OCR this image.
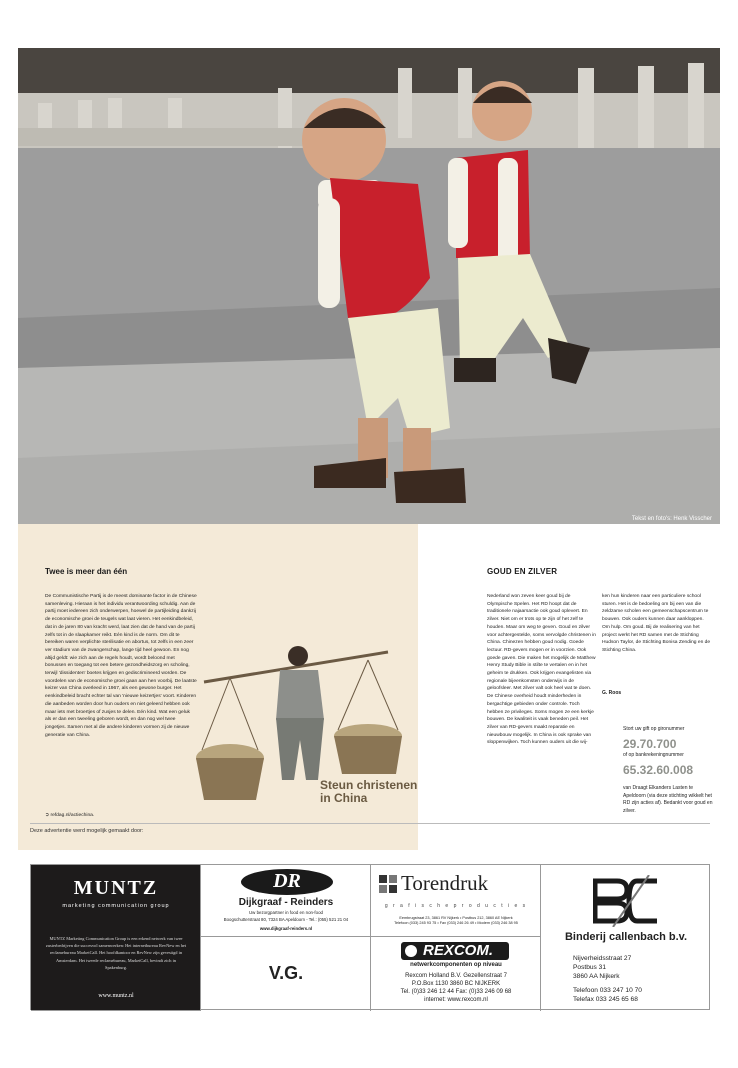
Tekst en foto's: Henk Visscher
Twee is meer dan één
De Communistische Partij is de meest dominante factor in de Chinese samenleving. Hieraan is het individu verantwoording schuldig. Aan de partij moet iedereen zich onderwerpen, hoewel de partijleiding dankzij de economische groei de teugels wat laat vieren. Het eenkindbeleid, dat in de jaren 80 van kracht werd, laat zien dat de hand van de partij zelfs tot in de slaapkamer reikt. Eén kind is de norm. Om dit te bereiken waren verplichte sterilisatie en abortus, tot zelfs in een zeer ver stadium van de zwangerschap, lange tijd heel gewoon. En nog altijd geldt: wie zich aan de regels houdt, wordt beloond met bonussen en toegang tot een betere gezondheidszorg en scholing, terwijl 'dissidenten' boetes krijgen en gediscrimineerd worden. De voordelen van de economische groei gaan aan hen voorbij. De laatste keizer van China overleed in 1967, als een gewone burger. Het eenkindbeleid bracht echter tal van 'nieuwe keizertjes' voort. Kinderen die aanbeden worden door hun ouders en niet geleerd hebben ook maar iets met broertjes of zusjes te delen. Eén kind. Wat een geluk als er dan een tweeling geboren wordt, en dan nog wel twee jongetjes. Samen met al die andere kinderen vormen zij de nieuwe generatie van China.
➲ refdag.nl/actiechina.
Steun christenen in China
GOUD EN ZILVER
Nederland won zeven keer goud bij de Olympische Spelen. Het RD hoopt dat de traditionele najaarsactie ook goud oplevert. En zilver. Niet om er trots op te zijn of het zelf te houden. Maar om weg te geven. Goud en zilver voor achtergestelde, soms vervolgde christenen in China. Chinezen hebben goud nodig. Goede lectuur. RD-gevers mogen er in voorzien. Ook goede gaven. Die maken het mogelijk de Matthew Henry Study Bible in stilte te vertalen en in het geheim te drukken. Ook krijgen evangelisten via regionale bijeenkomsten onderwijs in de geloofsleer. Met zilver valt ook heel wat te doen. De Chinese overheid houdt minderheden in bergachtige gebieden onder controle. Toch hebben ze privileges. Soms mogen ze een kerkje bouwen. De kwaliteit is vaak beneden peil. Het zilver van RD-gevers maakt reparatie en nieuwbouw mogelijk. In China is ook sprake van sloppenwijken. Toch kunnen ouders uit die wij-
ken hun kinderen naar een particuliere school sturen. Het is de bedoeling om bij een van die zeldzame scholen een gemeenschapscentrum te bouwen. Ook ouders kunnen daar aankloppen. Om hulp. Om goud. Bij de realisering van het project werkt het RD samen met de Stichting Hudson Taylor, de Stichting Bonisa Zending en de Stichting China.
G. Roos
Stort uw gift op gironummer
29.70.700
of op bankrekeningnummer
65.32.60.008
van Draagt Elkanders Lasten te Apeldoorn (via deze stichting wikkelt het RD zijn acties af). Bedankt voor goud en zilver.
Deze advertentie werd mogelijk gemaakt door:
MUNTZ
marketing communication group
MUNTZ Marketing Communication Group is een erkend netwerk van twee zusterbedrijven die succesvol samenwerken: Het internetbureau RevNew en het reclamebureau MarketCall. Het hoofdkantoor en RevNew zijn gevestigd in Amsterdam. Het tweede reclamebureau, MarketCall, bevindt zich in Spakenburg.
www.muntz.nl
DR
Dijkgraaf - Reinders
Uw bezorgpartner in food en non-food
Boogschutterstraat 80, 7324 BA Apeldoorn - Tel.: (055) 521 21 04
www.dijkgraaf-reinders.nl
V.G.
Torendruk
g r a f i s c h e p r o d u c t i e s
Eembrugstraat 23, 3861 RV Nijkerk • Postbus 212, 3860 AE Nijkerk
Telefoon (033) 245 93 75 • Fax (033) 246 26 49 • Modem (033) 246 38 95
REXCOM.
netwerkcomponenten op niveau
Rexcom Holland B.V. Gezellenstraat 7
P.O.Box 1130 3860 BC NIJKERK
Tel. (0)33 246 12 44 Fax: (0)33 246 09 68
internet: www.rexcom.nl
Binderij callenbach b.v.
Nijverheidsstraat 27
Postbus 31
3860 AA Nijkerk
Telefoon 033 247 10 70
Telefax 033 245 65 68
